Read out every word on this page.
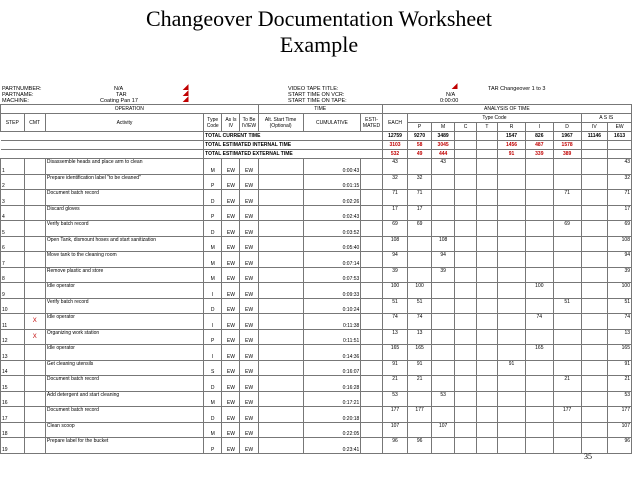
Changeover Documentation Worksheet
Example
PARTNUMBER:	N/A
PARTNAME:	TAR
MACHINE:	Coating Pan 17
◢
◢
◢
VIDEO TAPE TITLE:	TAR Changeover 1 to 3
START TIME ON VCR:	N/A
START TIME ON TAPE:	0:00:00
◢
OPERATION						TIME			ANALYSIS OF TIME									
STEP	CMT	Activity	Type Code	As Is IV	To Be IV/EW	Alt. Start Time (Optional)	CUMULATIVE	ESTI-MATED	EACH	Type Code							A S IS	
										P	M	C	T	R	I	D	IV	EW
			TOTAL CURRENT TIME						12759	9270	3489			1547	826	1967	11146	1613
			TOTAL ESTIMATED INTERNAL TIME						3103	58	3045			1456	487	1578		
			TOTAL ESTIMATED EXTERNAL TIME						532	49	444			91	339	389		
1		Disassemble heads and place arm to clean	M	EW	EW		0:00:43		43		43							43
2		Prepare identification label "to be cleaned"	P	EW	EW		0:01:15		32	32								32
3		Document batch record	D	EW	EW		0:02:26		71	71						71		71
4		Discard gloves	P	EW	EW		0:02:43		17	17								17
5		Verify batch record	D	EW	EW		0:03:52		69	69						69		69
6		Open Tank, dismount hoses and start sanitization	M	EW	EW		0:05:40		108		108							108
7		Move tank to the cleaning room	M	EW	EW		0:07:14		94		94							94
8		Remove plastic and store	M	EW	EW		0:07:53		39		39							39
9		Idle operator	I	EW	EW		0:09:33		100	100					100			100
10		Verify batch record	D	EW	EW		0:10:24		51	51						51		51
11	X	Idle operator	I	EW	EW		0:11:38		74	74					74			74
12	X	Organizing work station	P	EW	EW		0:11:51		13	13								13
13		Idle operator	I	EW	EW		0:14:36		165	165					165			165
14		Get cleaning utensils	S	EW	EW		0:16:07		91	91				91				91
15		Document batch record	D	EW	EW		0:16:28		21	21						21		21
16		Add detergent and start cleaning	M	EW	EW		0:17:21		53		53							53
17		Document batch record	D	EW	EW		0:20:18		177	177						177		177
18		Clean scoop	M	EW	EW		0:22:05		107		107							107
19		Prepare label for the bucket	P	EW	EW		0:23:41		96	96								96
35
